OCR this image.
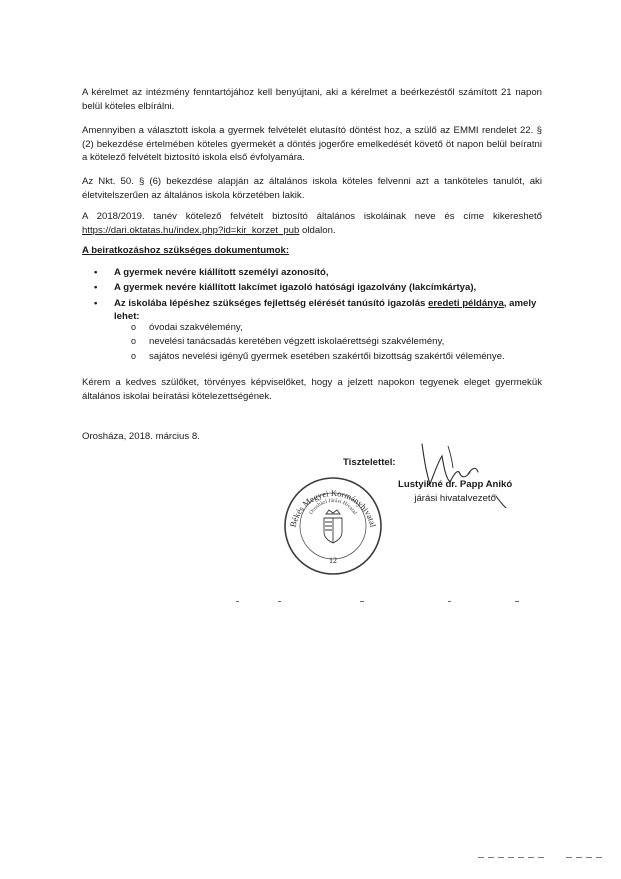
A kérelmet az intézmény fenntartójához kell benyújtani, aki a kérelmet a beérkezéstől számított 21 napon belül köteles elbírálni.

Amennyiben a választott iskola a gyermek felvételét elutasító döntést hoz, a szülő az EMMI rendelet 22. § (2) bekezdése értelmében köteles gyermekét a döntés jogerőre emelkedését követő öt napon belül beíratni a kötelező felvételt biztosító iskola első évfolyamára.

Az Nkt. 50. § (6) bekezdése alapján az általános iskola köteles felvenni azt a tanköteles tanulót, aki életvitelszerűen az általános iskola körzetében lakik.

A 2018/2019. tanév kötelező felvételt biztosító általános iskoláinak neve és címe kikereshető https://dari.oktatas.hu/index.php?id=kir_korzet_pub oldalon.

A beiratkozáshoz szükséges dokumentumok:

• A gyermek nevére kiállított személyi azonosító,
• A gyermek nevére kiállított lakcímet igazoló hatósági igazolvány (lakcímkártya),
• Az iskolába lépéshez szükséges fejlettség elérését tanúsító igazolás eredeti példánya, amely lehet:
o óvodai szakvélemény,
o nevelési tanácsadás keretében végzett iskolaérettségi szakvélemény,
o sajátos nevelési igényű gyermek esetében szakértői bizottság szakértői véleménye.

Kérem a kedves szülőket, törvényes képviselőket, hogy a jelzett napokon tegyenek eleget gyermekük általános iskolai beíratási kötelezettségének.

Orosháza, 2018. március 8.
Tisztelettel:
Lustyikné dr. Papp Anikó
járási hivatalvezető
Békés Megyei Kormányhivatal
Orosházi Járási Hivatal
12
